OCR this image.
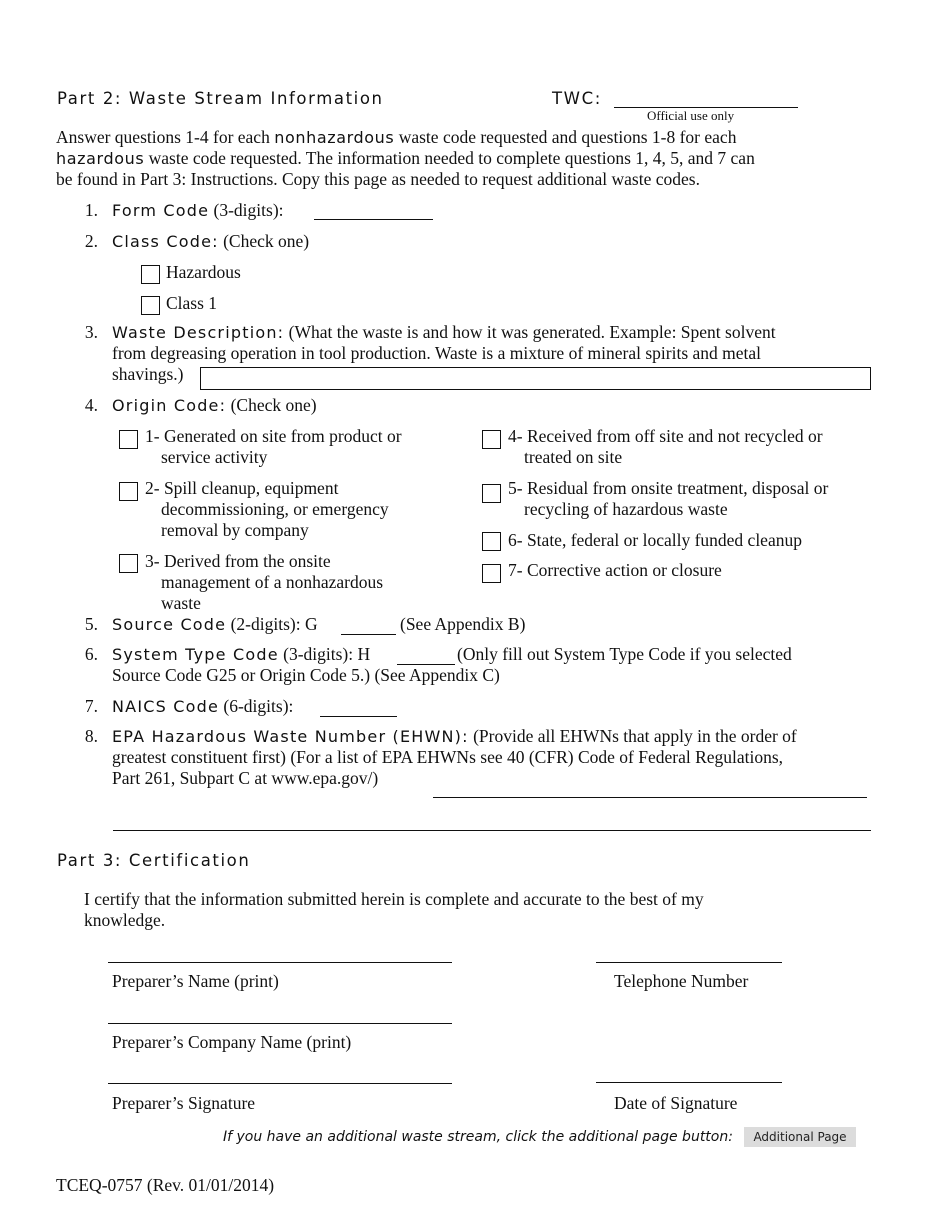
Part 2: Waste Stream Information	TWC:
Official use only
Answer questions 1-4 for each nonhazardous waste code requested and questions 1-8 for each
hazardous waste code requested. The information needed to complete questions 1, 4, 5, and 7 can
be found in Part 3: Instructions. Copy this page as needed to request additional waste codes.
1. Form Code (3-digits):
2. Class Code: (Check one)
Hazardous
Class 1
3. Waste Description: (What the waste is and how it was generated. Example: Spent solvent
from degreasing operation in tool production. Waste is a mixture of mineral spirits and metal
shavings.)
4. Origin Code: (Check one)
1- Generated on site from product or
service activity
2- Spill cleanup, equipment
decommissioning, or emergency
removal by company
3- Derived from the onsite
management of a nonhazardous
waste
4- Received from off site and not recycled or
treated on site
5- Residual from onsite treatment, disposal or
recycling of hazardous waste
6- State, federal or locally funded cleanup
7- Corrective action or closure
5. Source Code (2-digits): G	(See Appendix B)
6. System Type Code (3-digits): H	(Only fill out System Type Code if you selected
Source Code G25 or Origin Code 5.) (See Appendix C)
7. NAICS Code (6-digits):
8. EPA Hazardous Waste Number (EHWN): (Provide all EHWNs that apply in the order of
greatest constituent first) (For a list of EPA EHWNs see 40 (CFR) Code of Federal Regulations,
Part 261, Subpart C at www.epa.gov/)
Part 3: Certification
I certify that the information submitted herein is complete and accurate to the best of my
knowledge.
Preparer’s Name (print)	Telephone Number
Preparer’s Company Name (print)
Preparer’s Signature	Date of Signature
If you have an additional waste stream, click the additional page button:	Additional Page
TCEQ-0757 (Rev. 01/01/2014)
